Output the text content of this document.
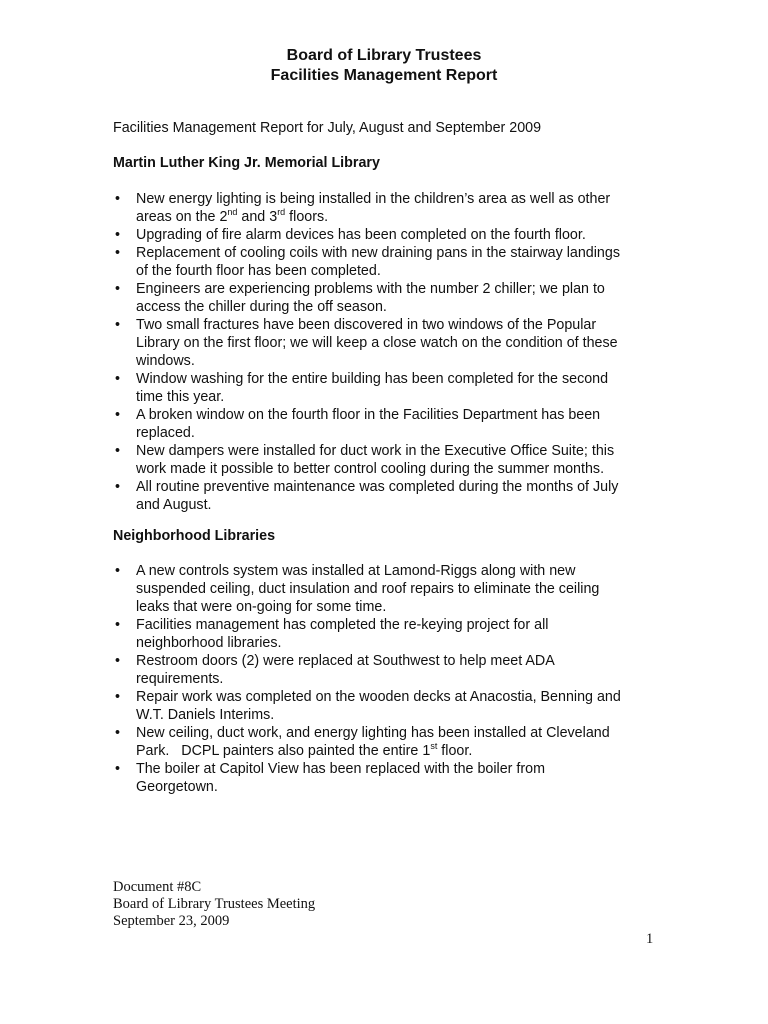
Board of Library Trustees
Facilities Management Report
Facilities Management Report for July, August and September 2009
Martin Luther King Jr. Memorial Library
• New energy lighting is being installed in the children’s area as well as other
areas on the 2nd and 3rd floors.
• Upgrading of fire alarm devices has been completed on the fourth floor.
• Replacement of cooling coils with new draining pans in the stairway landings
of the fourth floor has been completed.
• Engineers are experiencing problems with the number 2 chiller; we plan to
access the chiller during the off season.
• Two small fractures have been discovered in two windows of the Popular
Library on the first floor; we will keep a close watch on the condition of these
windows.
• Window washing for the entire building has been completed for the second
time this year.
• A broken window on the fourth floor in the Facilities Department has been
replaced.
• New dampers were installed for duct work in the Executive Office Suite; this
work made it possible to better control cooling during the summer months.
• All routine preventive maintenance was completed during the months of July
and August.
Neighborhood Libraries
• A new controls system was installed at Lamond-Riggs along with new
suspended ceiling, duct insulation and roof repairs to eliminate the ceiling
leaks that were on-going for some time.
• Facilities management has completed the re-keying project for all
neighborhood libraries.
• Restroom doors (2) were replaced at Southwest to help meet ADA
requirements.
• Repair work was completed on the wooden decks at Anacostia, Benning and
W.T. Daniels Interims.
• New ceiling, duct work, and energy lighting has been installed at Cleveland
Park.   DCPL painters also painted the entire 1st floor.
• The boiler at Capitol View has been replaced with the boiler from
Georgetown.
Document #8C
Board of Library Trustees Meeting
September 23, 2009
1
